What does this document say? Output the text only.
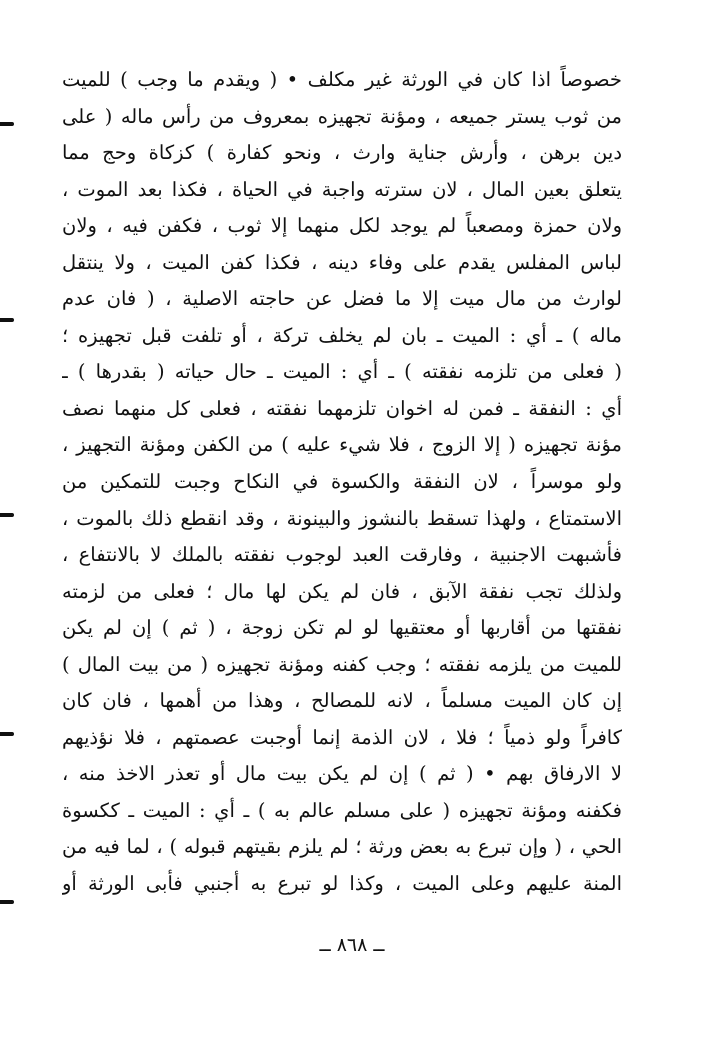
خصوصاً اذا كان في الورثة غير مكلف • ( ويقدم ما وجب ) للميت
من ثوب يستر جميعه ، ومؤنة تجهيزه بمعروف من رأس ماله ( على
دين برهن ، وأرش جناية وارث ، ونحو كفارة ) كزكاة وحج مما
يتعلق بعين المال ، لان سترته واجبة في الحياة ، فكذا بعد الموت ،
ولان حمزة ومصعباً لم يوجد لكل منهما إلا ثوب ، فكفن فيه ، ولان
لباس المفلس يقدم على وفاء دينه ، فكذا كفن الميت ، ولا ينتقل
لوارث من مال ميت إلا ما فضل عن حاجته الاصلية ، ( فان عدم
ماله ) ـ أي : الميت ـ بان لم يخلف تركة ، أو تلفت قبل تجهيزه ؛
( فعلى من تلزمه نفقته ) ـ أي : الميت ـ حال حياته ( بقدرها ) ـ
أي : النفقة ـ فمن له اخوان تلزمهما نفقته ، فعلى كل منهما نصف
مؤنة تجهيزه ( إلا الزوج ، فلا شيء عليه ) من الكفن ومؤنة التجهيز ،
ولو موسراً ، لان النفقة والكسوة في النكاح وجبت للتمكين من
الاستمتاع ، ولهذا تسقط بالنشوز والبينونة ، وقد انقطع ذلك بالموت ،
فأشبهت الاجنبية ، وفارقت العبد لوجوب نفقته بالملك لا بالانتفاع ،
ولذلك تجب نفقة الآبق ، فان لم يكن لها مال ؛ فعلى من لزمته
نفقتها من أقاربها أو معتقيها لو لم تكن زوجة ، ( ثم ) إن لم يكن
للميت من يلزمه نفقته ؛ وجب كفنه ومؤنة تجهيزه ( من بيت المال )
إن كان الميت مسلماً ، لانه للمصالح ، وهذا من أهمها ، فان كان
كافراً ولو ذمياً ؛ فلا ، لان الذمة إنما أوجبت عصمتهم ، فلا نؤذيهم
لا الارفاق بهم • ( ثم ) إن لم يكن بيت مال أو تعذر الاخذ منه ،
فكفنه ومؤنة تجهيزه ( على مسلم عالم به ) ـ أي : الميت ـ ككسوة
الحي ، ( وإن تبرع به بعض ورثة ؛ لم يلزم بقيتهم قبوله ) ، لما فيه من
المنة عليهم وعلى الميت ، وكذا لو تبرع به أجنبي فأبى الورثة أو
ــ ٨٦٨ ــ
